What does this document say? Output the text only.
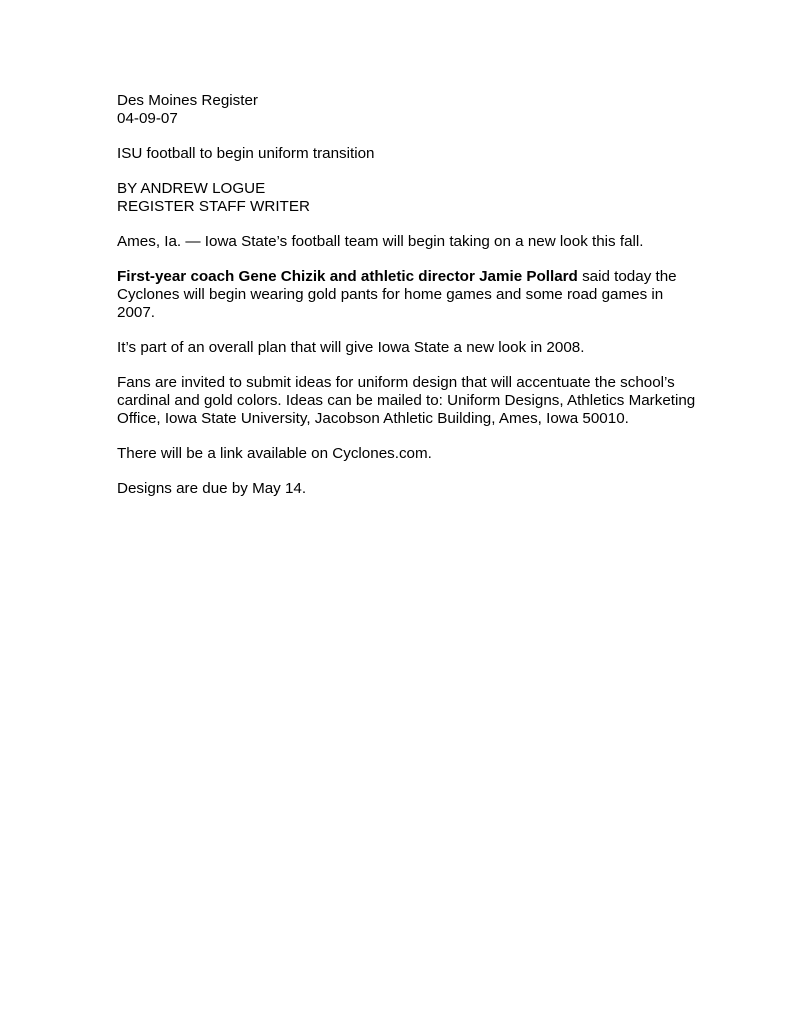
Des Moines Register
04-09-07

ISU football to begin uniform transition

BY ANDREW LOGUE
REGISTER STAFF WRITER

Ames, Ia. — Iowa State’s football team will begin taking on a new look this fall.

First-year coach Gene Chizik and athletic director Jamie Pollard said today the Cyclones will begin wearing gold pants for home games and some road games in 2007.

It’s part of an overall plan that will give Iowa State a new look in 2008.

Fans are invited to submit ideas for uniform design that will accentuate the school’s cardinal and gold colors. Ideas can be mailed to: Uniform Designs, Athletics Marketing Office, Iowa State University, Jacobson Athletic Building, Ames, Iowa 50010.

There will be a link available on Cyclones.com.

Designs are due by May 14.
